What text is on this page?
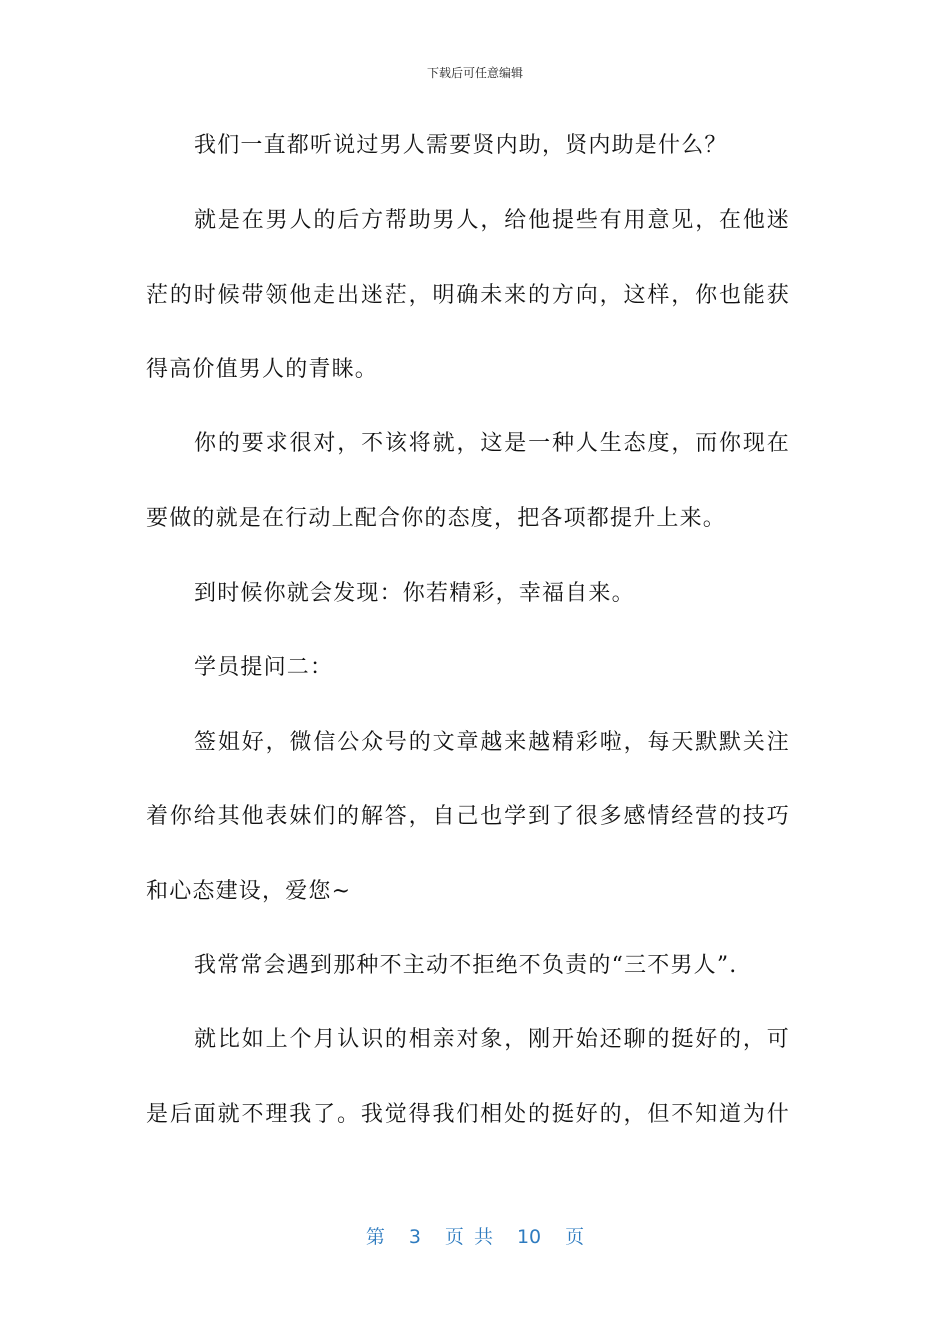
下载后可任意编辑
我们一直都听说过男人需要贤内助，贤内助是什么？
就是在男人的后方帮助男人，给他提些有用意见，在他迷
茫的时候带领他走出迷茫，明确未来的方向，这样，你也能获
得高价值男人的青睐。
你的要求很对，不该将就，这是一种人生态度，而你现在
要做的就是在行动上配合你的态度，把各项都提升上来。
到时候你就会发现：你若精彩，幸福自来。
学员提问二：
签姐好，微信公众号的文章越来越精彩啦，每天默默关注
着你给其他表妹们的解答，自己也学到了很多感情经营的技巧
和心态建设，爱您~
我常常会遇到那种不主动不拒绝不负责的“三不男人”.
就比如上个月认识的相亲对象，刚开始还聊的挺好的，可
是后面就不理我了。我觉得我们相处的挺好的，但不知道为什
第 3 页 共 10 页
